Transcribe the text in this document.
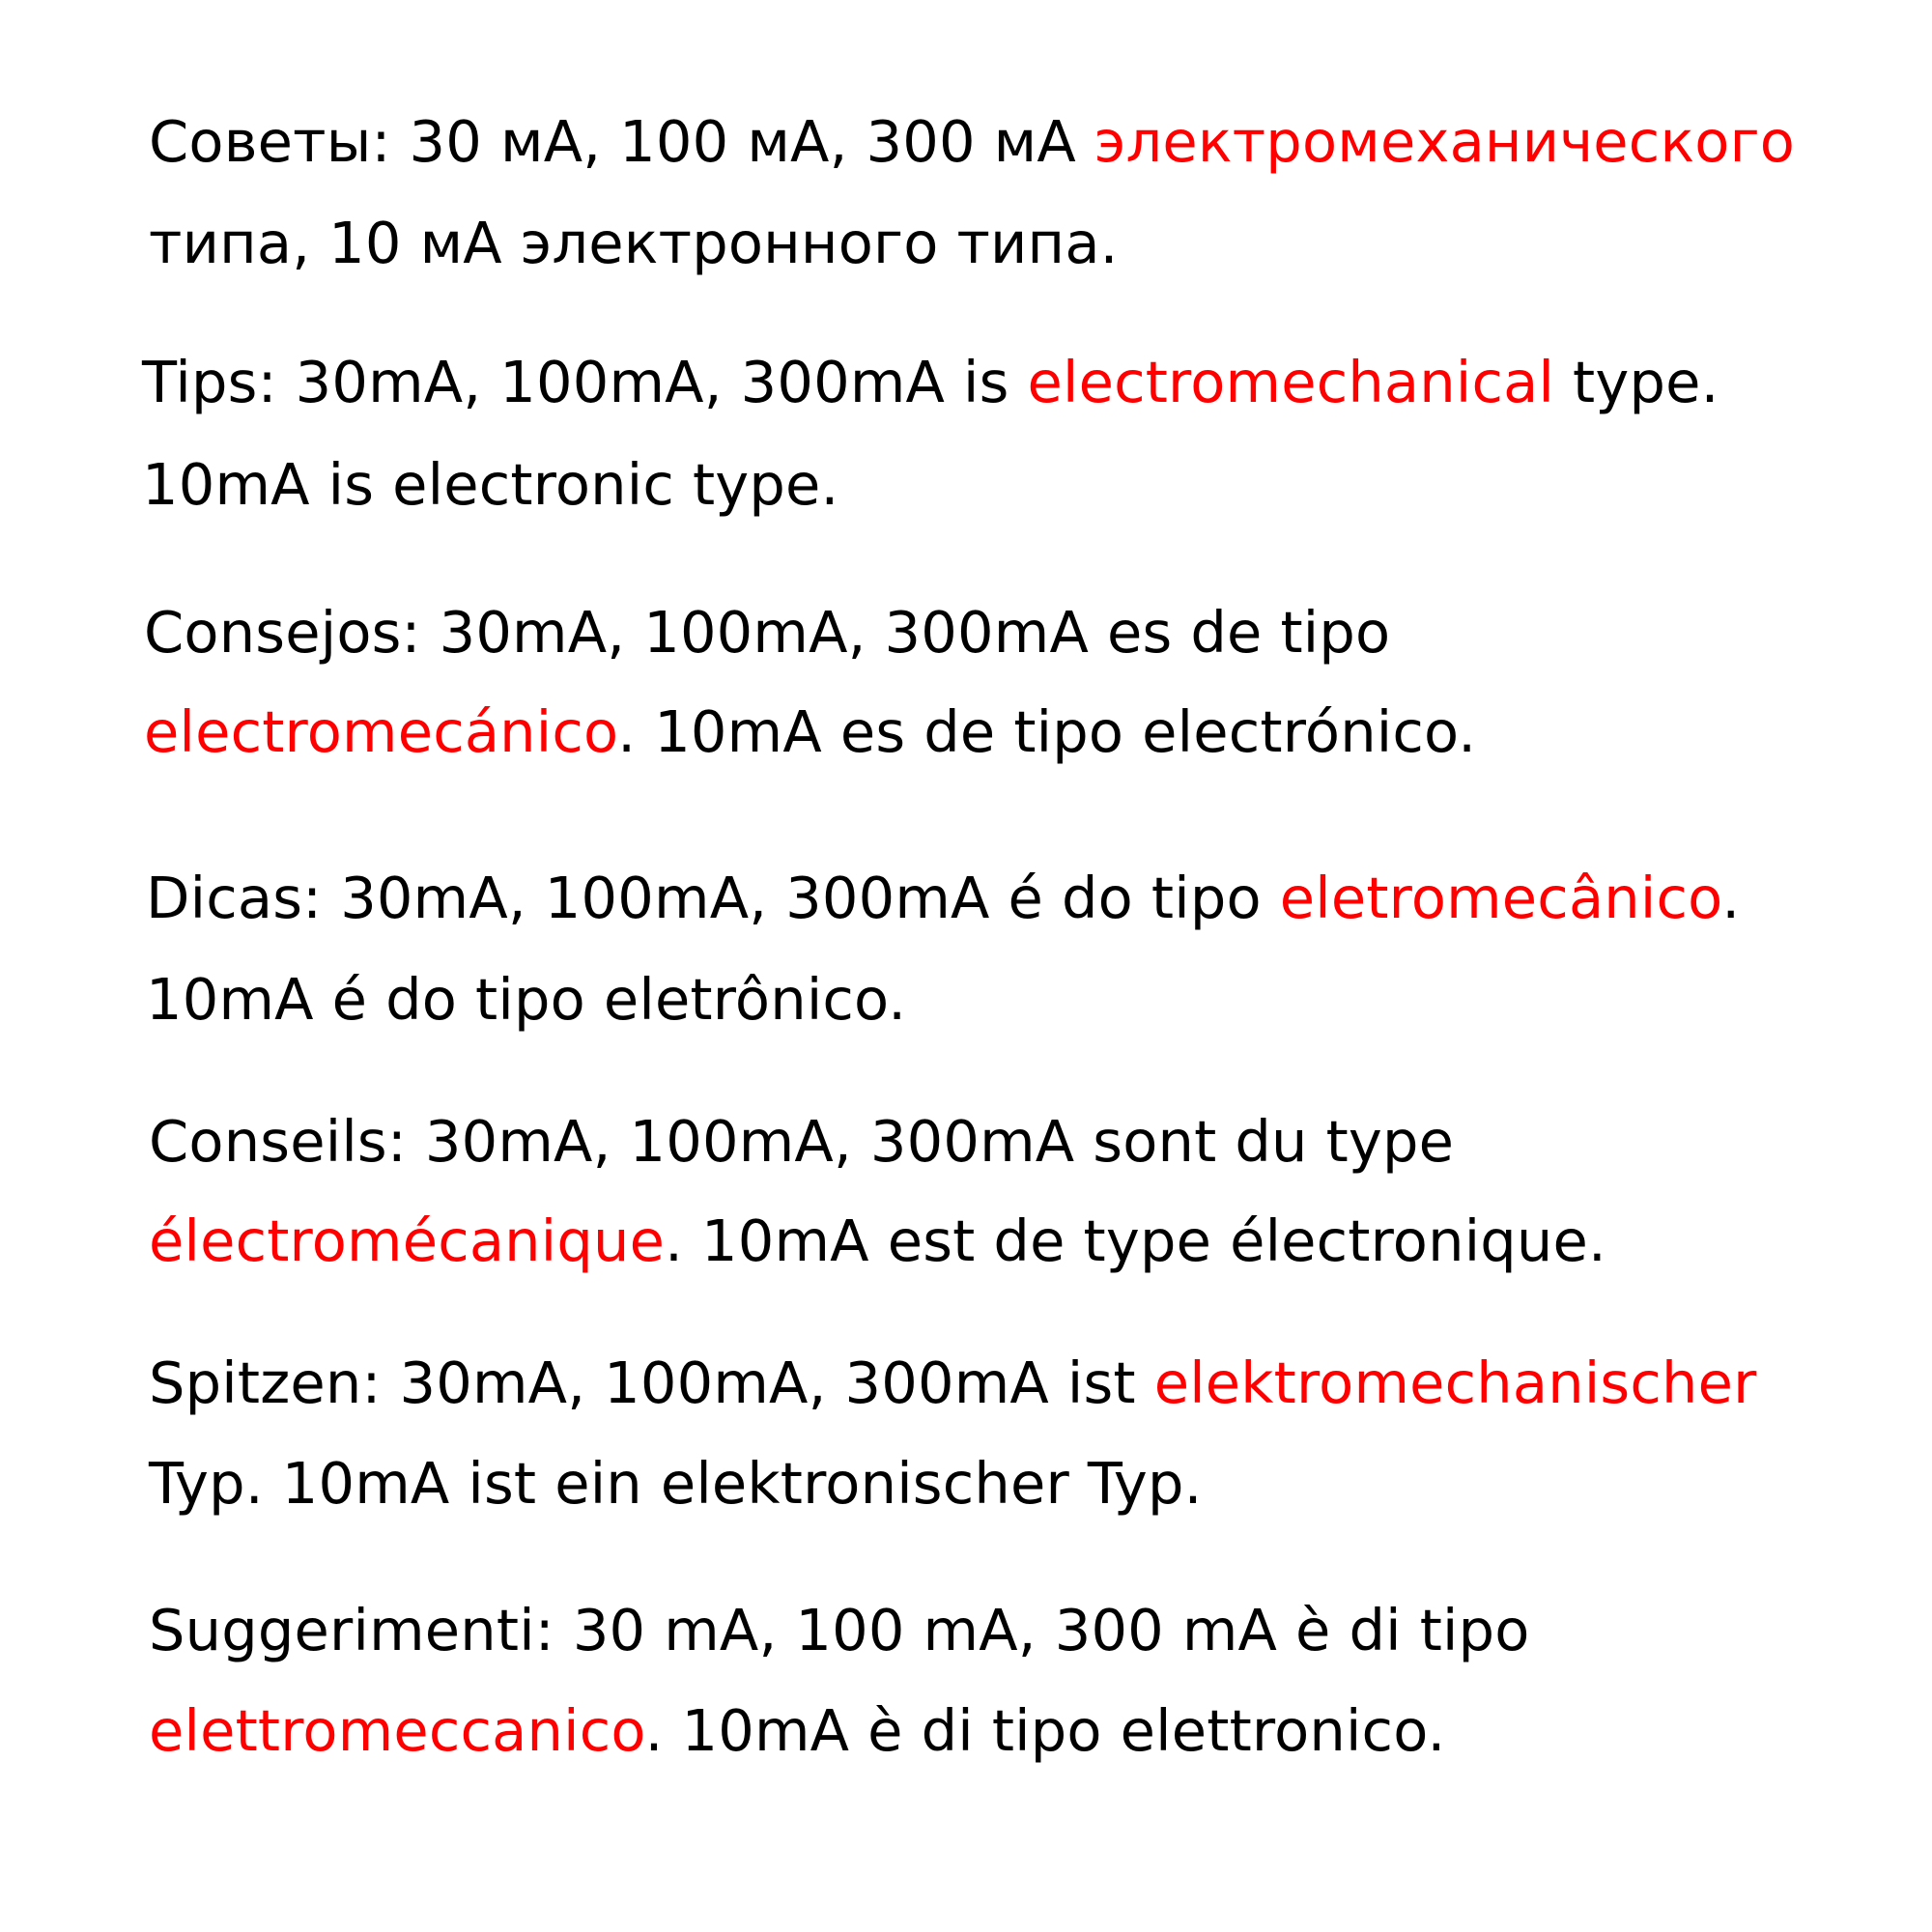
Советы: 30 мА, 100 мА, 300 мА электромеханического
типа, 10 мА электронного типа.
Tips: 30mA, 100mA, 300mA is electromechanical type.
10mA is electronic type.
Consejos: 30mA, 100mA, 300mA es de tipo
electromecánico. 10mA es de tipo electrónico.
Dicas: 30mA, 100mA, 300mA é do tipo eletromecânico.
10mA é do tipo eletrônico.
Conseils: 30mA, 100mA, 300mA sont du type
électromécanique. 10mA est de type électronique.
Spitzen: 30mA, 100mA, 300mA ist elektromechanischer
Typ. 10mA ist ein elektronischer Typ.
Suggerimenti: 30 mA, 100 mA, 300 mA è di tipo
elettromeccanico. 10mA è di tipo elettronico.
